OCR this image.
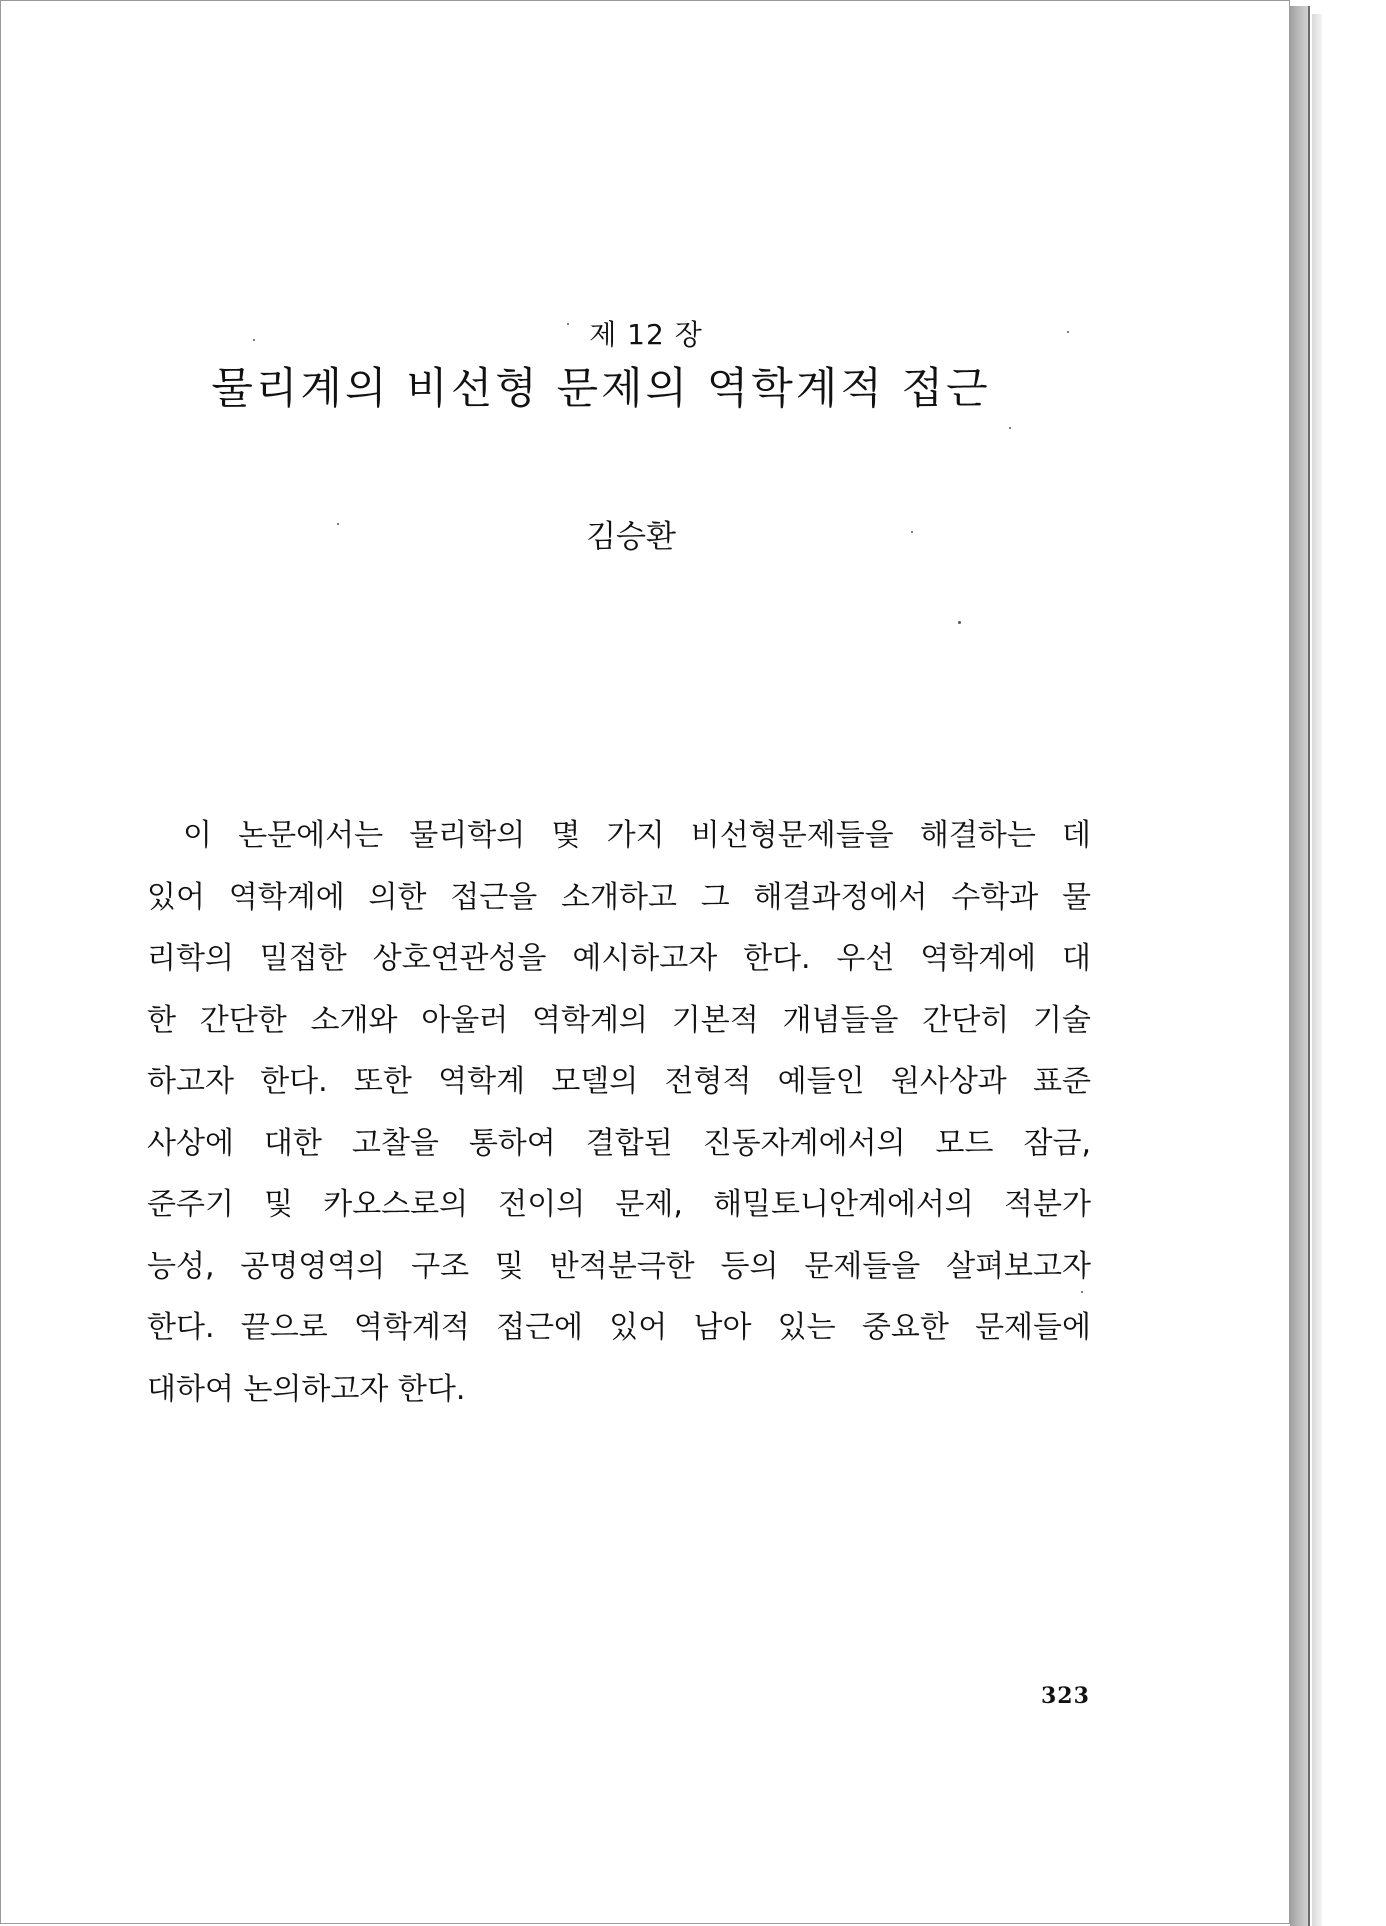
제 12 장
물리계의 비선형 문제의 역학계적 접근
김승환
이 논문에서는 물리학의 몇 가지 비선형문제들을 해결하는 데
있어 역학계에 의한 접근을 소개하고 그 해결과정에서 수학과 물
리학의 밀접한 상호연관성을 예시하고자 한다. 우선 역학계에 대
한 간단한 소개와 아울러 역학계의 기본적 개념들을 간단히 기술
하고자 한다. 또한 역학계 모델의 전형적 예들인 원사상과 표준
사상에 대한 고찰을 통하여 결합된 진동자계에서의 모드 잠금,
준주기 및 카오스로의 전이의 문제, 해밀토니안계에서의 적분가
능성, 공명영역의 구조 및 반적분극한 등의 문제들을 살펴보고자
한다. 끝으로 역학계적 접근에 있어 남아 있는 중요한 문제들에
대하여 논의하고자 한다.
323
